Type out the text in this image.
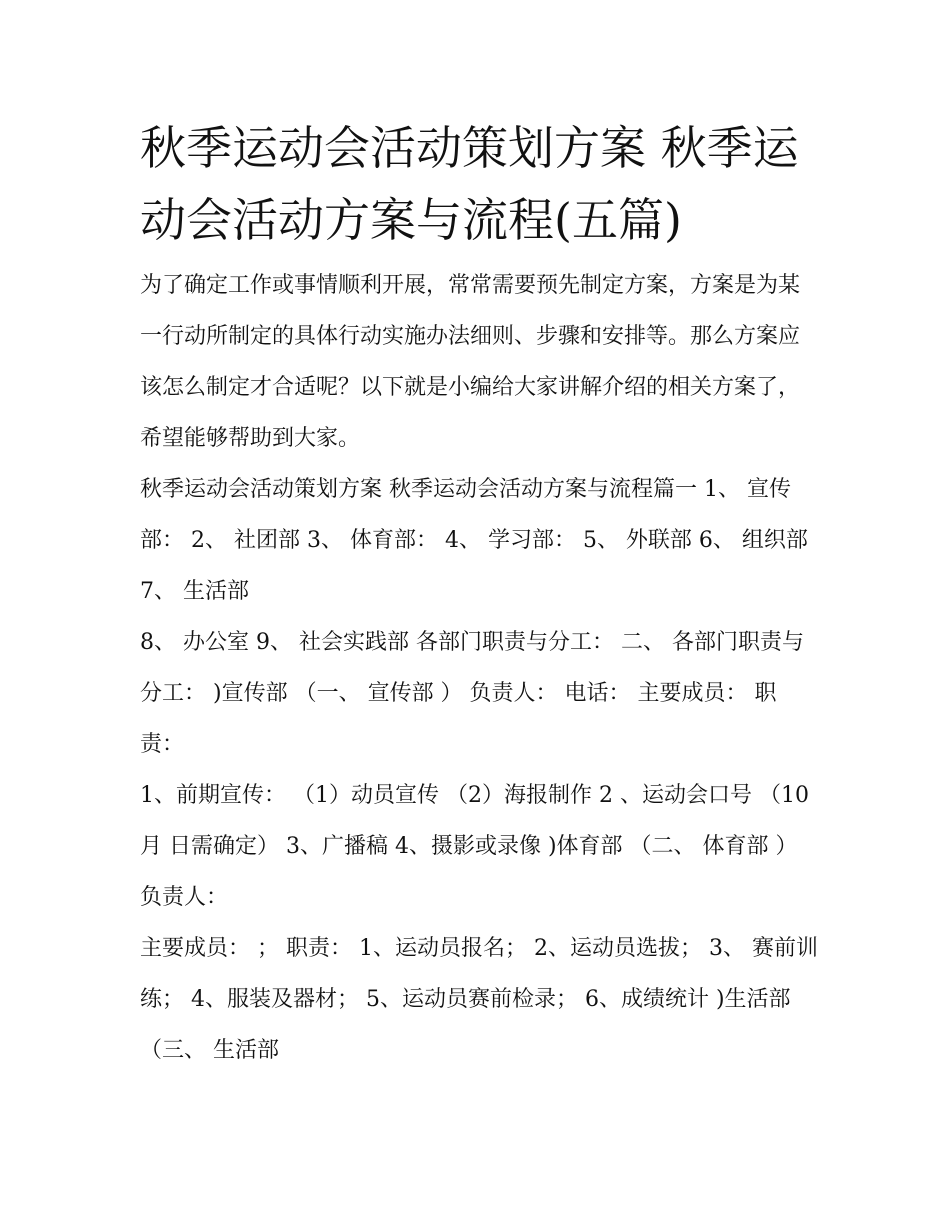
秋季运动会活动策划方案 秋季运动会活动方案与流程(五篇)

为了确定工作或事情顺利开展，常常需要预先制定方案，方案是为某一行动所制定的具体行动实施办法细则、步骤和安排等。那么方案应该怎么制定才合适呢？以下就是小编给大家讲解介绍的相关方案了，希望能够帮助到大家。

秋季运动会活动策划方案 秋季运动会活动方案与流程篇一 1、 宣传部： 2、 社团部 3、 体育部： 4、 学习部： 5、 外联部 6、 组织部 7、 生活部

8、 办公室 9、 社会实践部 各部门职责与分工： 二、 各部门职责与分工： )宣传部 （一、 宣传部 ） 负责人： 电话： 主要成员： 职责：

1、前期宣传： （1）动员宣传 （2）海报制作 2 、运动会口号 （10 月 日需确定） 3、广播稿 4、摄影或录像 )体育部 （二、 体育部 ） 负责人：

主要成员： ； 职责： 1、运动员报名； 2、运动员选拔； 3、 赛前训练； 4、服装及器材； 5、运动员赛前检录； 6、成绩统计 )生活部 （三、 生活部
